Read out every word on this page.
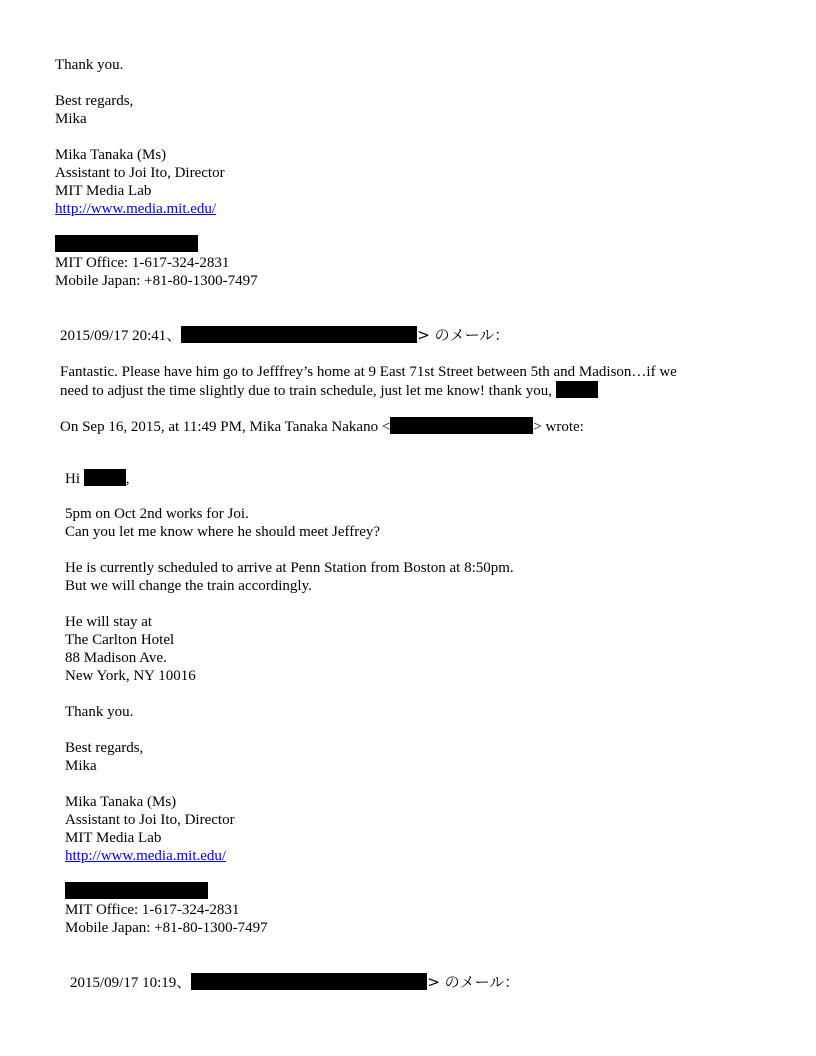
Thank you.
Best regards,
Mika
Mika Tanaka (Ms)
Assistant to Joi Ito, Director
MIT Media Lab
http://www.media.mit.edu/
MIT Office: 1-617-324-2831
Mobile Japan: +81-80-1300-7497
2015/09/17 20:41、	> のメール：
Fantastic. Please have him go to Jefffrey’s home at 9 East 71st Street between 5th and Madison…if we
need to adjust the time slightly due to train schedule, just let me know! thank you,
On Sep 16, 2015, at 11:49 PM, Mika Tanaka Nakano <	> wrote:
Hi	,
5pm on Oct 2nd works for Joi.
Can you let me know where he should meet Jeffrey?
He is currently scheduled to arrive at Penn Station from Boston at 8:50pm.
But we will change the train accordingly.
He will stay at
The Carlton Hotel
88 Madison Ave.
New York, NY 10016
Thank you.
Best regards,
Mika
Mika Tanaka (Ms)
Assistant to Joi Ito, Director
MIT Media Lab
http://www.media.mit.edu/
MIT Office: 1-617-324-2831
Mobile Japan: +81-80-1300-7497
2015/09/17 10:19、	> のメール：
